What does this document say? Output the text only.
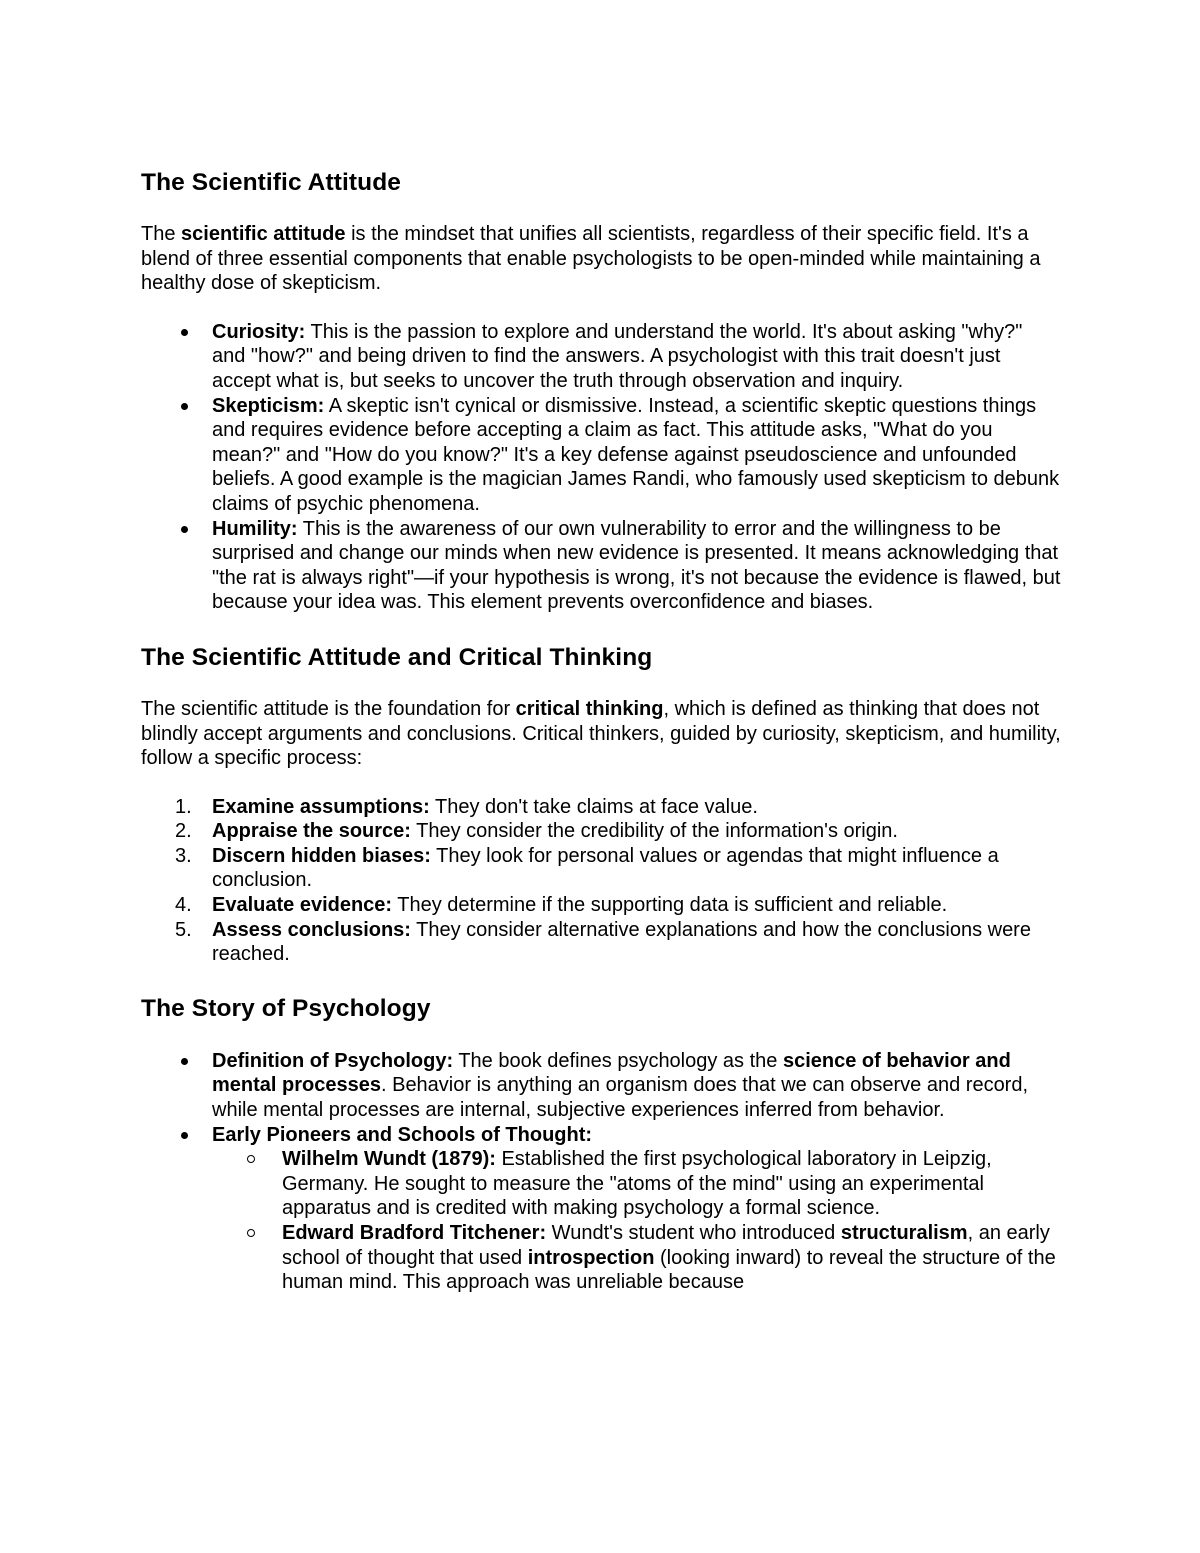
The Scientific Attitude

The scientific attitude is the mindset that unifies all scientists, regardless of their specific field. It's a blend of three essential components that enable psychologists to be open-minded while maintaining a healthy dose of skepticism.

Curiosity: This is the passion to explore and understand the world. It's about asking "why?" and "how?" and being driven to find the answers. A psychologist with this trait doesn't just accept what is, but seeks to uncover the truth through observation and inquiry.
Skepticism: A skeptic isn't cynical or dismissive. Instead, a scientific skeptic questions things and requires evidence before accepting a claim as fact. This attitude asks, "What do you mean?" and "How do you know?" It's a key defense against pseudoscience and unfounded beliefs. A good example is the magician James Randi, who famously used skepticism to debunk claims of psychic phenomena.
Humility: This is the awareness of our own vulnerability to error and the willingness to be surprised and change our minds when new evidence is presented. It means acknowledging that "the rat is always right"—if your hypothesis is wrong, it's not because the evidence is flawed, but because your idea was. This element prevents overconfidence and biases.
The Scientific Attitude and Critical Thinking

The scientific attitude is the foundation for critical thinking, which is defined as thinking that does not blindly accept arguments and conclusions. Critical thinkers, guided by curiosity, skepticism, and humility, follow a specific process:

1. Examine assumptions: They don't take claims at face value.
2. Appraise the source: They consider the credibility of the information's origin.
3. Discern hidden biases: They look for personal values or agendas that might influence a conclusion.
4. Evaluate evidence: They determine if the supporting data is sufficient and reliable.
5. Assess conclusions: They consider alternative explanations and how the conclusions were reached.
The Story of Psychology
Definition of Psychology: The book defines psychology as the science of behavior and mental processes. Behavior is anything an organism does that we can observe and record, while mental processes are internal, subjective experiences inferred from behavior.
Early Pioneers and Schools of Thought:
Wilhelm Wundt (1879): Established the first psychological laboratory in Leipzig, Germany. He sought to measure the "atoms of the mind" using an experimental apparatus and is credited with making psychology a formal science.
Edward Bradford Titchener: Wundt's student who introduced structuralism, an early school of thought that used introspection (looking inward) to reveal the structure of the human mind. This approach was unreliable because
